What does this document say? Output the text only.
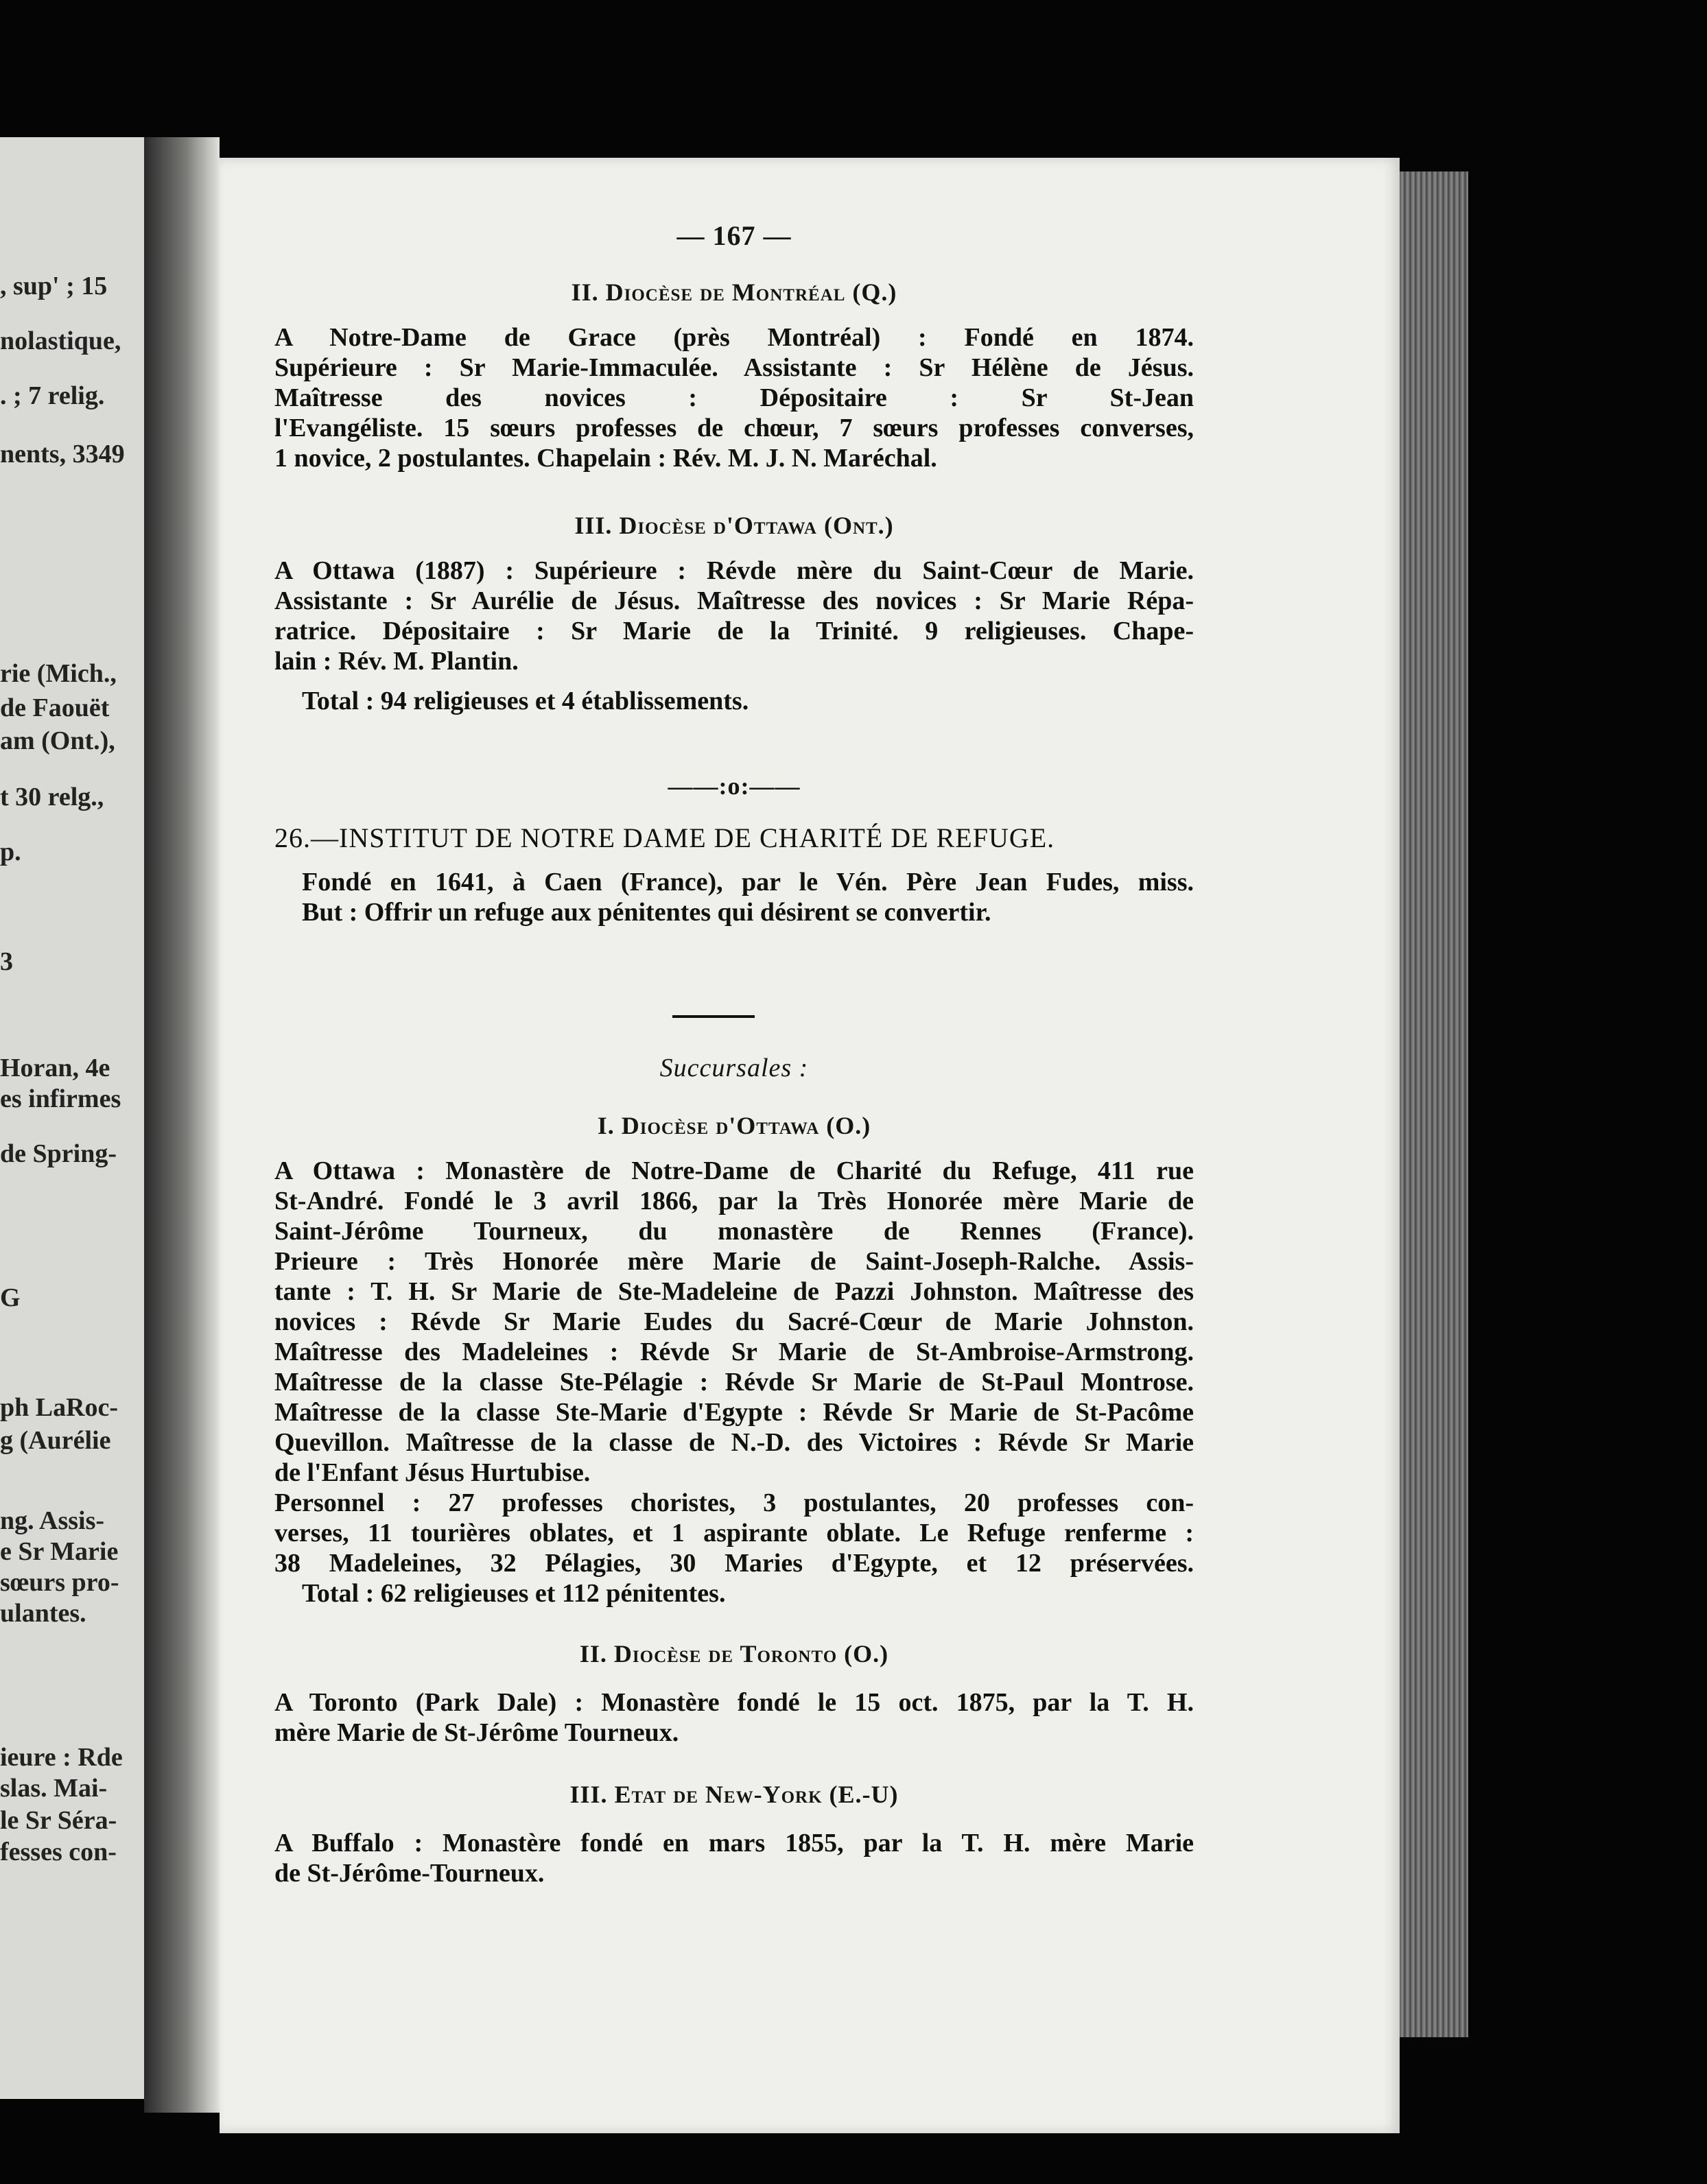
, sup' ; 15
nolastique,
. ; 7 relig.
nents, 3349
rie (Mich.,
de Faouët
am (Ont.),
t 30 relg.,
p.
3
Horan, 4e
es infirmes
de Spring-
G
ph LaRoc-
g (Aurélie
ng. Assis-
e Sr Marie
sœurs pro-
ulantes.
ieure : Rde
slas. Mai-
le Sr Séra-
fesses con-
— 167 —
II. Diocèse de Montréal (Q.)
A Notre-Dame de Grace (près Montréal) : Fondé en 1874.
Supérieure : Sr Marie-Immaculée. Assistante : Sr Hélène de Jésus.
Maîtresse des novices : Dépositaire : Sr St-Jean
l'Evangéliste. 15 sœurs professes de chœur, 7 sœurs professes converses,
1 novice, 2 postulantes. Chapelain : Rév. M. J. N. Maréchal.
III. Diocèse d'Ottawa (Ont.)
A Ottawa (1887) : Supérieure : Révde mère du Saint-Cœur de Marie.
Assistante : Sr Aurélie de Jésus. Maîtresse des novices : Sr Marie Répa-
ratrice. Dépositaire : Sr Marie de la Trinité. 9 religieuses. Chape-
lain : Rév. M. Plantin.
Total : 94 religieuses et 4 établissements.
——:o:——
26.—INSTITUT DE NOTRE DAME DE CHARITÉ DE REFUGE.
Fondé en 1641, à Caen (France), par le Vén. Père Jean Fudes, miss.
But : Offrir un refuge aux pénitentes qui désirent se convertir.
Succursales :
I. Diocèse d'Ottawa (O.)
A Ottawa : Monastère de Notre-Dame de Charité du Refuge, 411 rue
St-André. Fondé le 3 avril 1866, par la Très Honorée mère Marie de
Saint-Jérôme Tourneux, du monastère de Rennes (France).
Prieure : Très Honorée mère Marie de Saint-Joseph-Ralche. Assis-
tante : T. H. Sr Marie de Ste-Madeleine de Pazzi Johnston. Maîtresse des
novices : Révde Sr Marie Eudes du Sacré-Cœur de Marie Johnston.
Maîtresse des Madeleines : Révde Sr Marie de St-Ambroise-Armstrong.
Maîtresse de la classe Ste-Pélagie : Révde Sr Marie de St-Paul Montrose.
Maîtresse de la classe Ste-Marie d'Egypte : Révde Sr Marie de St-Pacôme
Quevillon. Maîtresse de la classe de N.-D. des Victoires : Révde Sr Marie
de l'Enfant Jésus Hurtubise.
Personnel : 27 professes choristes, 3 postulantes, 20 professes con-
verses, 11 tourières oblates, et 1 aspirante oblate. Le Refuge renferme :
38 Madeleines, 32 Pélagies, 30 Maries d'Egypte, et 12 préservées.
Total : 62 religieuses et 112 pénitentes.
II. Diocèse de Toronto (O.)
A Toronto (Park Dale) : Monastère fondé le 15 oct. 1875, par la T. H.
mère Marie de St-Jérôme Tourneux.
III. Etat de New-York (E.-U)
A Buffalo : Monastère fondé en mars 1855, par la T. H. mère Marie
de St-Jérôme-Tourneux.
